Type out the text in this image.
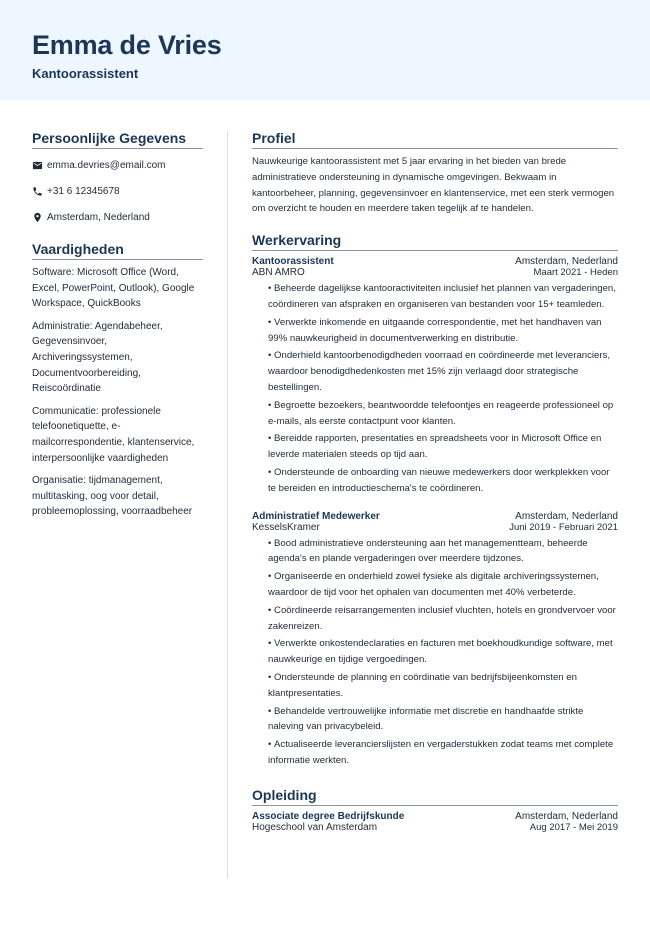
Emma de Vries
Kantoorassistent
Persoonlijke Gegevens
emma.devries@email.com
+31 6 12345678
Amsterdam, Nederland
Vaardigheden

Software: Microsoft Office (Word, Excel, PowerPoint, Outlook), Google Workspace, QuickBooks

Administratie: Agendabeheer, Gegevensinvoer, Archiveringssystemen, Documentvoorbereiding, Reiscoördinatie

Communicatie: professionele telefoonetiquette, e-mailcorrespondentie, klantenservice, interpersoonlijke vaardigheden

Organisatie: tijdmanagement, multitasking, oog voor detail, probleemoplossing, voorraadbeheer

Profiel

Nauwkeurige kantoorassistent met 5 jaar ervaring in het bieden van brede administratieve ondersteuning in dynamische omgevingen. Bekwaam in kantoorbeheer, planning, gegevensinvoer en klantenservice, met een sterk vermogen om overzicht te houden en meerdere taken tegelijk af te handelen.

Werkervaring
Kantoorassistent	Amsterdam, Nederland
ABN AMRO	Maart 2021 - Heden
• Beheerde dagelijkse kantooractiviteiten inclusief het plannen van vergaderingen, coördineren van afspraken en organiseren van bestanden voor 15+ teamleden.
• Verwerkte inkomende en uitgaande correspondentie, met het handhaven van 99% nauwkeurigheid in documentverwerking en distributie.
• Onderhield kantoorbenodigdheden voorraad en coördineerde met leveranciers, waardoor benodigdhedenkosten met 15% zijn verlaagd door strategische bestellingen.
• Begroette bezoekers, beantwoordde telefoontjes en reageerde professioneel op e-mails, als eerste contactpunt voor klanten.
• Bereidde rapporten, presentaties en spreadsheets voor in Microsoft Office en leverde materialen steeds op tijd aan.
• Ondersteunde de onboarding van nieuwe medewerkers door werkplekken voor te bereiden en introductieschema's te coördineren.
Administratief Medewerker	Amsterdam, Nederland
KesselsKramer	Juni 2019 - Februari 2021
• Bood administratieve ondersteuning aan het managementteam, beheerde agenda's en plande vergaderingen over meerdere tijdzones.
• Organiseerde en onderhield zowel fysieke als digitale archiveringssystemen, waardoor de tijd voor het ophalen van documenten met 40% verbeterde.
• Coördineerde reisarrangementen inclusief vluchten, hotels en grondvervoer voor zakenreizen.
• Verwerkte onkostendeclaraties en facturen met boekhoudkundige software, met nauwkeurige en tijdige vergoedingen.
• Ondersteunde de planning en coördinatie van bedrijfsbijeenkomsten en klantpresentaties.
• Behandelde vertrouwelijke informatie met discretie en handhaafde strikte naleving van privacybeleid.
• Actualiseerde leverancierslijsten en vergaderstukken zodat teams met complete informatie werkten.
Opleiding
Associate degree Bedrijfskunde	Amsterdam, Nederland
Hogeschool van Amsterdam	Aug 2017 - Mei 2019
